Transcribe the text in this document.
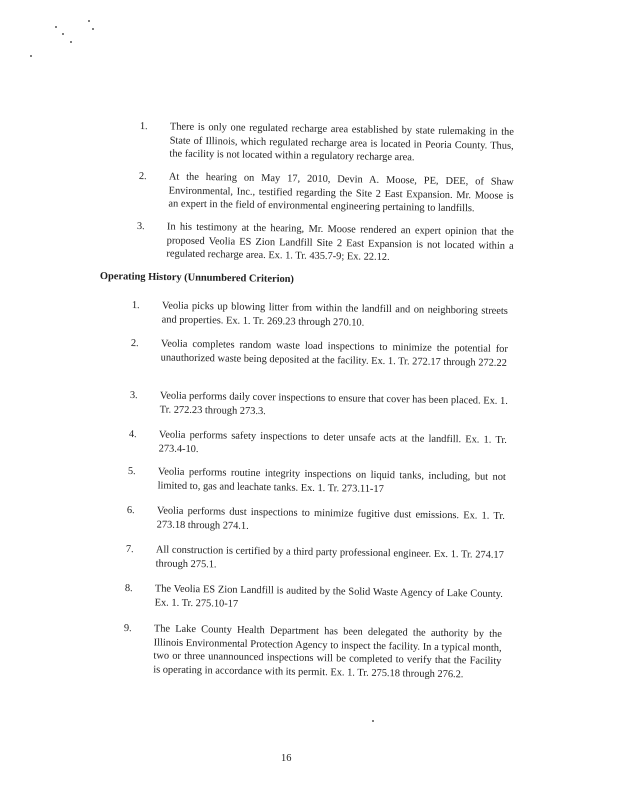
1. There is only one regulated recharge area established by state rulemaking in the State of Illinois, which regulated recharge area is located in Peoria County. Thus, the facility is not located within a regulatory recharge area.
2. At the hearing on May 17, 2010, Devin A. Moose, PE, DEE, of Shaw Environmental, Inc., testified regarding the Site 2 East Expansion. Mr. Moose is an expert in the field of environmental engineering pertaining to landfills.
3. In his testimony at the hearing, Mr. Moose rendered an expert opinion that the proposed Veolia ES Zion Landfill Site 2 East Expansion is not located within a regulated recharge area. Ex. 1. Tr. 435.7-9; Ex. 22.12.
Operating History (Unnumbered Criterion)
1. Veolia picks up blowing litter from within the landfill and on neighboring streets and properties. Ex. 1. Tr. 269.23 through 270.10.
2. Veolia completes random waste load inspections to minimize the potential for unauthorized waste being deposited at the facility. Ex. 1. Tr. 272.17 through 272.22
3. Veolia performs daily cover inspections to ensure that cover has been placed. Ex. 1. Tr. 272.23 through 273.3.
4. Veolia performs safety inspections to deter unsafe acts at the landfill. Ex. 1. Tr. 273.4-10.
5. Veolia performs routine integrity inspections on liquid tanks, including, but not limited to, gas and leachate tanks. Ex. 1. Tr. 273.11-17
6. Veolia performs dust inspections to minimize fugitive dust emissions. Ex. 1. Tr. 273.18 through 274.1.
7. All construction is certified by a third party professional engineer. Ex. 1. Tr. 274.17 through 275.1.
8. The Veolia ES Zion Landfill is audited by the Solid Waste Agency of Lake County. Ex. 1. Tr. 275.10-17
9. The Lake County Health Department has been delegated the authority by the Illinois Environmental Protection Agency to inspect the facility. In a typical month, two or three unannounced inspections will be completed to verify that the Facility is operating in accordance with its permit. Ex. 1. Tr. 275.18 through 276.2.
16
